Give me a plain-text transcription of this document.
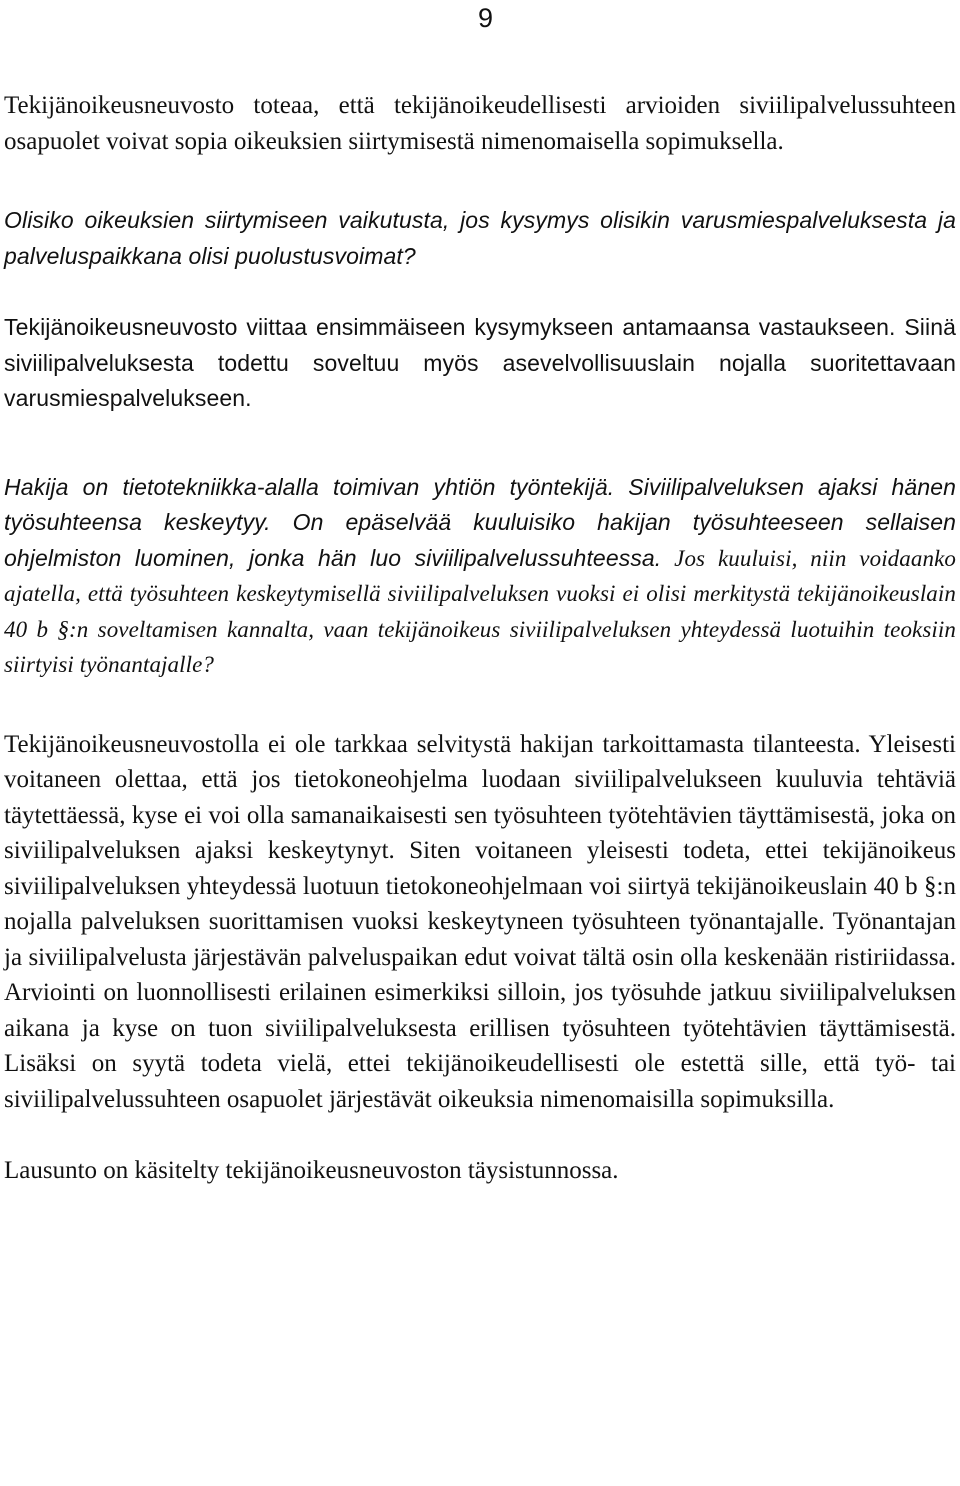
9

Tekijänoikeusneuvosto toteaa, että tekijänoikeudellisesti arvioiden siviilipalvelussuhteen osapuolet voivat sopia oikeuksien siirtymisestä nimenomaisella sopimuksella.

Olisiko oikeuksien siirtymiseen vaikutusta, jos kysymys olisikin varusmiespalveluksesta ja palveluspaikkana olisi puolustusvoimat?

Tekijänoikeusneuvosto viittaa ensimmäiseen kysymykseen antamaansa vastaukseen. Siinä siviilipalveluksesta todettu soveltuu myös asevelvollisuuslain nojalla suoritettavaan varusmiespalvelukseen.

Hakija on tietotekniikka-alalla toimivan yhtiön työntekijä. Siviilipalveluksen ajaksi hänen työsuhteensa keskeytyy. On epäselvää kuuluisiko hakijan työsuhteeseen sellaisen ohjelmiston luominen, jonka hän luo siviilipalvelussuhteessa. Jos kuuluisi, niin voidaanko ajatella, että työsuhteen keskeytymisellä siviilipalveluksen vuoksi ei olisi merkitystä tekijänoikeuslain 40 b §:n soveltamisen kannalta, vaan tekijänoikeus siviilipalveluksen yhteydessä luotuihin teoksiin siirtyisi työnantajalle?

Tekijänoikeusneuvostolla ei ole tarkkaa selvitystä hakijan tarkoittamasta tilanteesta. Yleisesti voitaneen olettaa, että jos tietokoneohjelma luodaan siviilipalvelukseen kuuluvia tehtäviä täytettäessä, kyse ei voi olla samanaikaisesti sen työsuhteen työtehtävien täyttämisestä, joka on siviilipalveluksen ajaksi keskeytynyt. Siten voitaneen yleisesti todeta, ettei tekijänoikeus siviilipalveluksen yhteydessä luotuun tietokoneohjelmaan voi siirtyä tekijänoikeuslain 40 b §:n nojalla palveluksen suorittamisen vuoksi keskeytyneen työsuhteen työnantajalle. Työnantajan ja siviilipalvelusta järjestävän palveluspaikan edut voivat tältä osin olla keskenään ristiriidassa. Arviointi on luonnollisesti erilainen esimerkiksi silloin, jos työsuhde jatkuu siviilipalveluksen aikana ja kyse on tuon siviilipalveluksesta erillisen työsuhteen työtehtävien täyttämisestä. Lisäksi on syytä todeta vielä, ettei tekijänoikeudellisesti ole estettä sille, että työ- tai siviilipalvelussuhteen osapuolet järjestävät oikeuksia nimenomaisilla sopimuksilla.

Lausunto on käsitelty tekijänoikeusneuvoston täysistunnossa.
